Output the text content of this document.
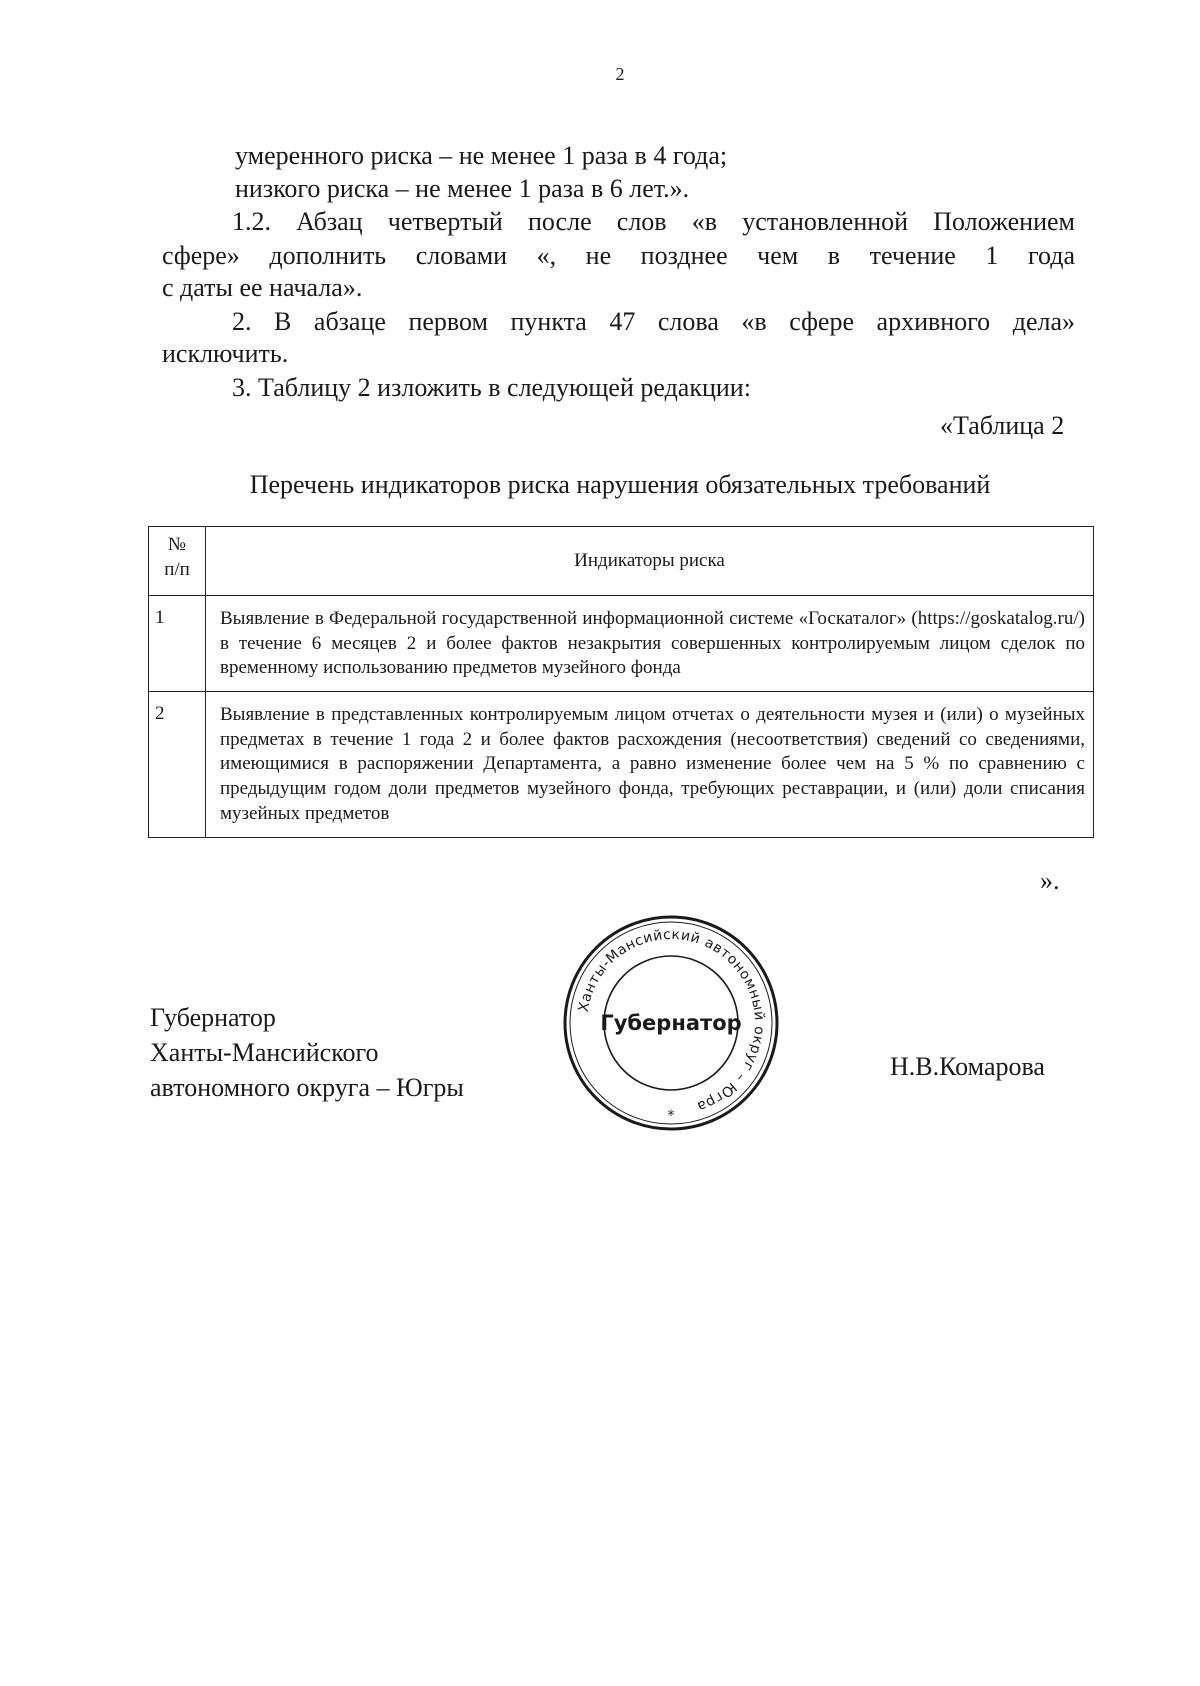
2
умеренного риска – не менее 1 раза в 4 года;
низкого риска – не менее 1 раза в 6 лет.».
1.2. Абзац четвертый после слов «в установленной Положением
сфере» дополнить словами «, не позднее чем в течение 1 года
с даты ее начала».
2. В абзаце первом пункта 47 слова «в сфере архивного дела»
исключить.
3. Таблицу 2 изложить в следующей редакции:
«Таблица 2
Перечень индикаторов риска нарушения обязательных требований
№
п/п	Индикаторы риска
1	Выявление в Федеральной государственной информационной системе «Госкаталог» (https://goskatalog.ru/) в течение 6 месяцев 2 и более фактов незакрытия совершенных контролируемым лицом сделок по временному использованию предметов музейного фонда
2	Выявление в представленных контролируемым лицом отчетах о деятельности музея и (или) о музейных предметах в течение 1 года 2 и более фактов расхождения (несоответствия) сведений со сведениями, имеющимися в распоряжении Департамента, а равно изменение более чем на 5 % по сравнению с предыдущим годом доли предметов музейного фонда, требующих реставрации, и (или) доли списания музейных предметов
».
Губернатор
Ханты-Мансийского
автономного округа – Югры
Ханты-Мансийский автономный округ – Югра
Губернатор
*
Н.В.Комарова
